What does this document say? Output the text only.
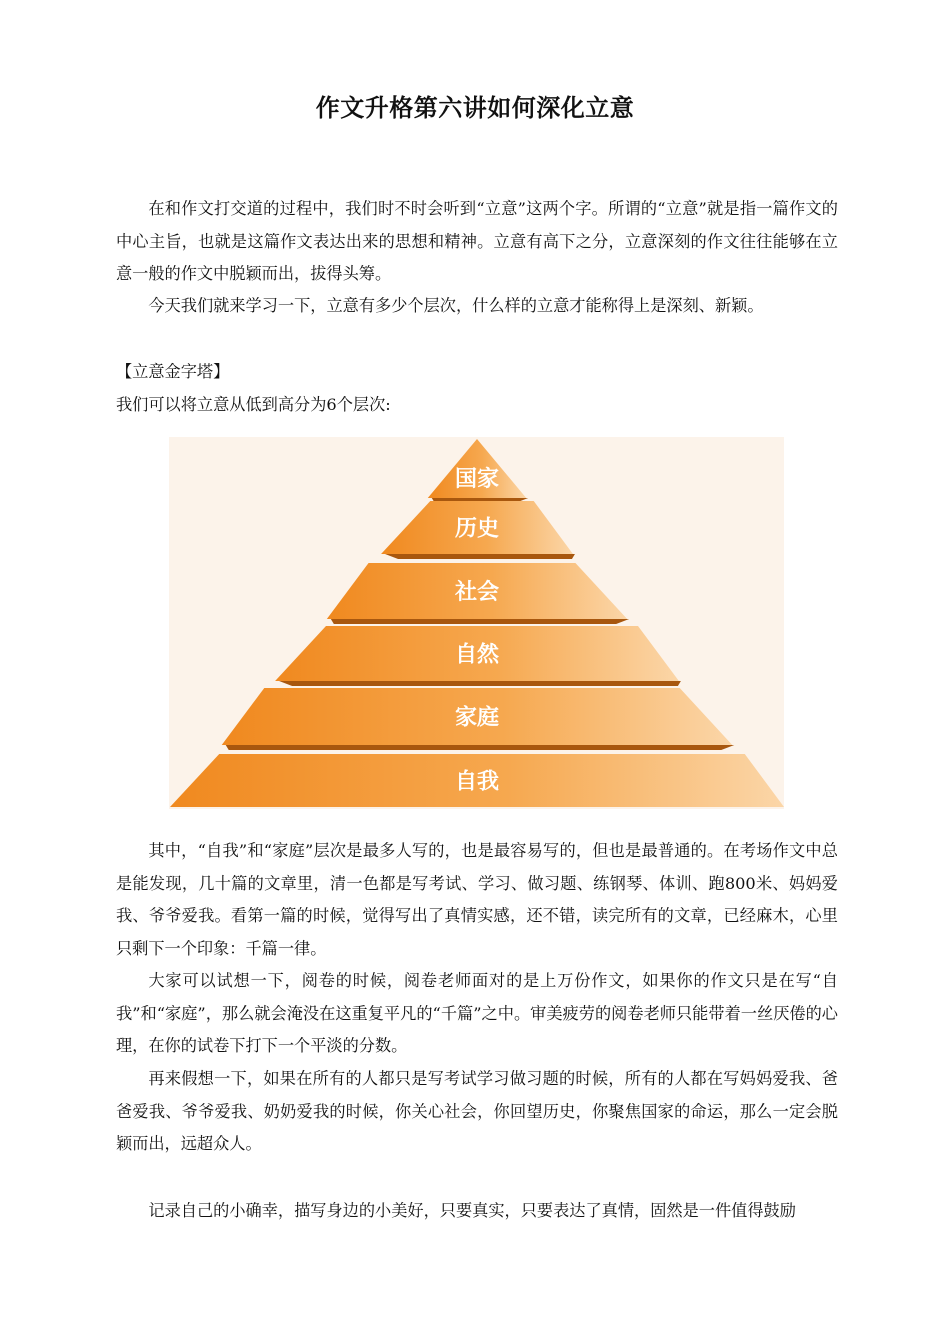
作文升格第六讲如何深化立意

在和作文打交道的过程中，我们时不时会听到“立意”这两个字。所谓的“立意”就是指一篇作文的中心主旨，也就是这篇作文表达出来的思想和精神。立意有高下之分，立意深刻的作文往往能够在立意一般的作文中脱颖而出，拔得头筹。

今天我们就来学习一下，立意有多少个层次，什么样的立意才能称得上是深刻、新颖。

【立意金字塔】

我们可以将立意从低到高分为6个层次:

国家
历史
社会
自然
家庭
自我

其中，“自我”和“家庭”层次是最多人写的，也是最容易写的，但也是最普通的。在考场作文中总是能发现，几十篇的文章里，清一色都是写考试、学习、做习题、练钢琴、体训、跑800米、妈妈爱我、爷爷爱我。看第一篇的时候，觉得写出了真情实感，还不错，读完所有的文章，已经麻木，心里只剩下一个印象：千篇一律。

大家可以试想一下，阅卷的时候，阅卷老师面对的是上万份作文，如果你的作文只是在写“自我”和“家庭”，那么就会淹没在这重复平凡的“千篇”之中。审美疲劳的阅卷老师只能带着一丝厌倦的心理，在你的试卷下打下一个平淡的分数。

再来假想一下，如果在所有的人都只是写考试学习做习题的时候，所有的人都在写妈妈爱我、爸爸爱我、爷爷爱我、奶奶爱我的时候，你关心社会，你回望历史，你聚焦国家的命运，那么一定会脱颖而出，远超众人。

记录自己的小确幸，描写身边的小美好，只要真实，只要表达了真情，固然是一件值得鼓励
